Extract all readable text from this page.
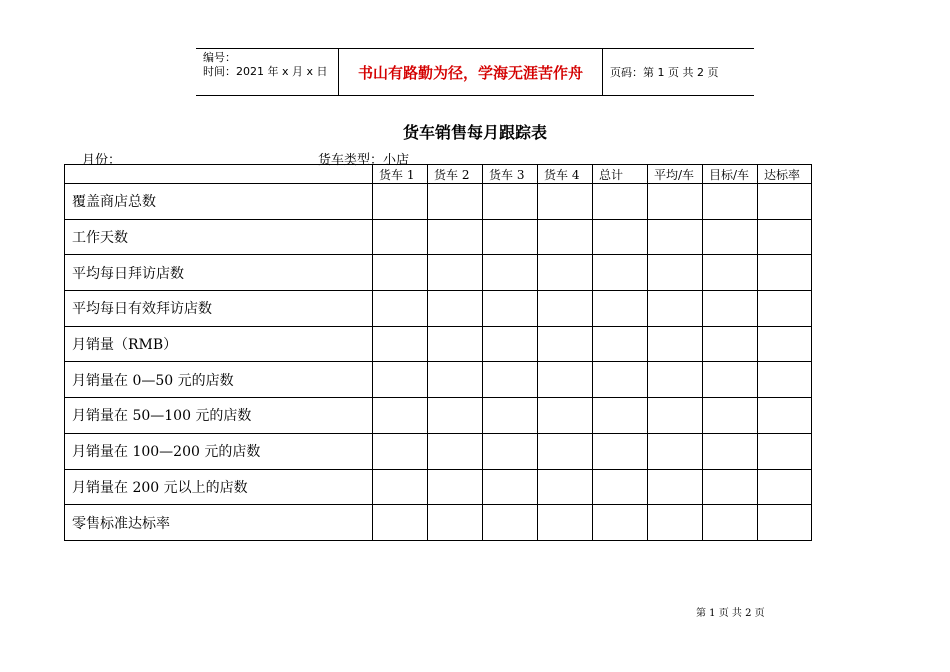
编号：
时间：2021 年 x 月 x 日	书山有路勤为径，学海无涯苦作舟	页码：第 1 页 共 2 页
货车销售每月跟踪表
月份：	货车类型：小店
	货车 1	货车 2	货车 3	货车 4	总计	平均/车	目标/车	达标率
覆盖商店总数								
工作天数								
平均每日拜访店数								
平均每日有效拜访店数								
月销量（RMB）								
月销量在 0—50 元的店数								
月销量在 50—100 元的店数								
月销量在 100—200 元的店数								
月销量在 200 元以上的店数								
零售标准达标率								
第 1 页 共 2 页
